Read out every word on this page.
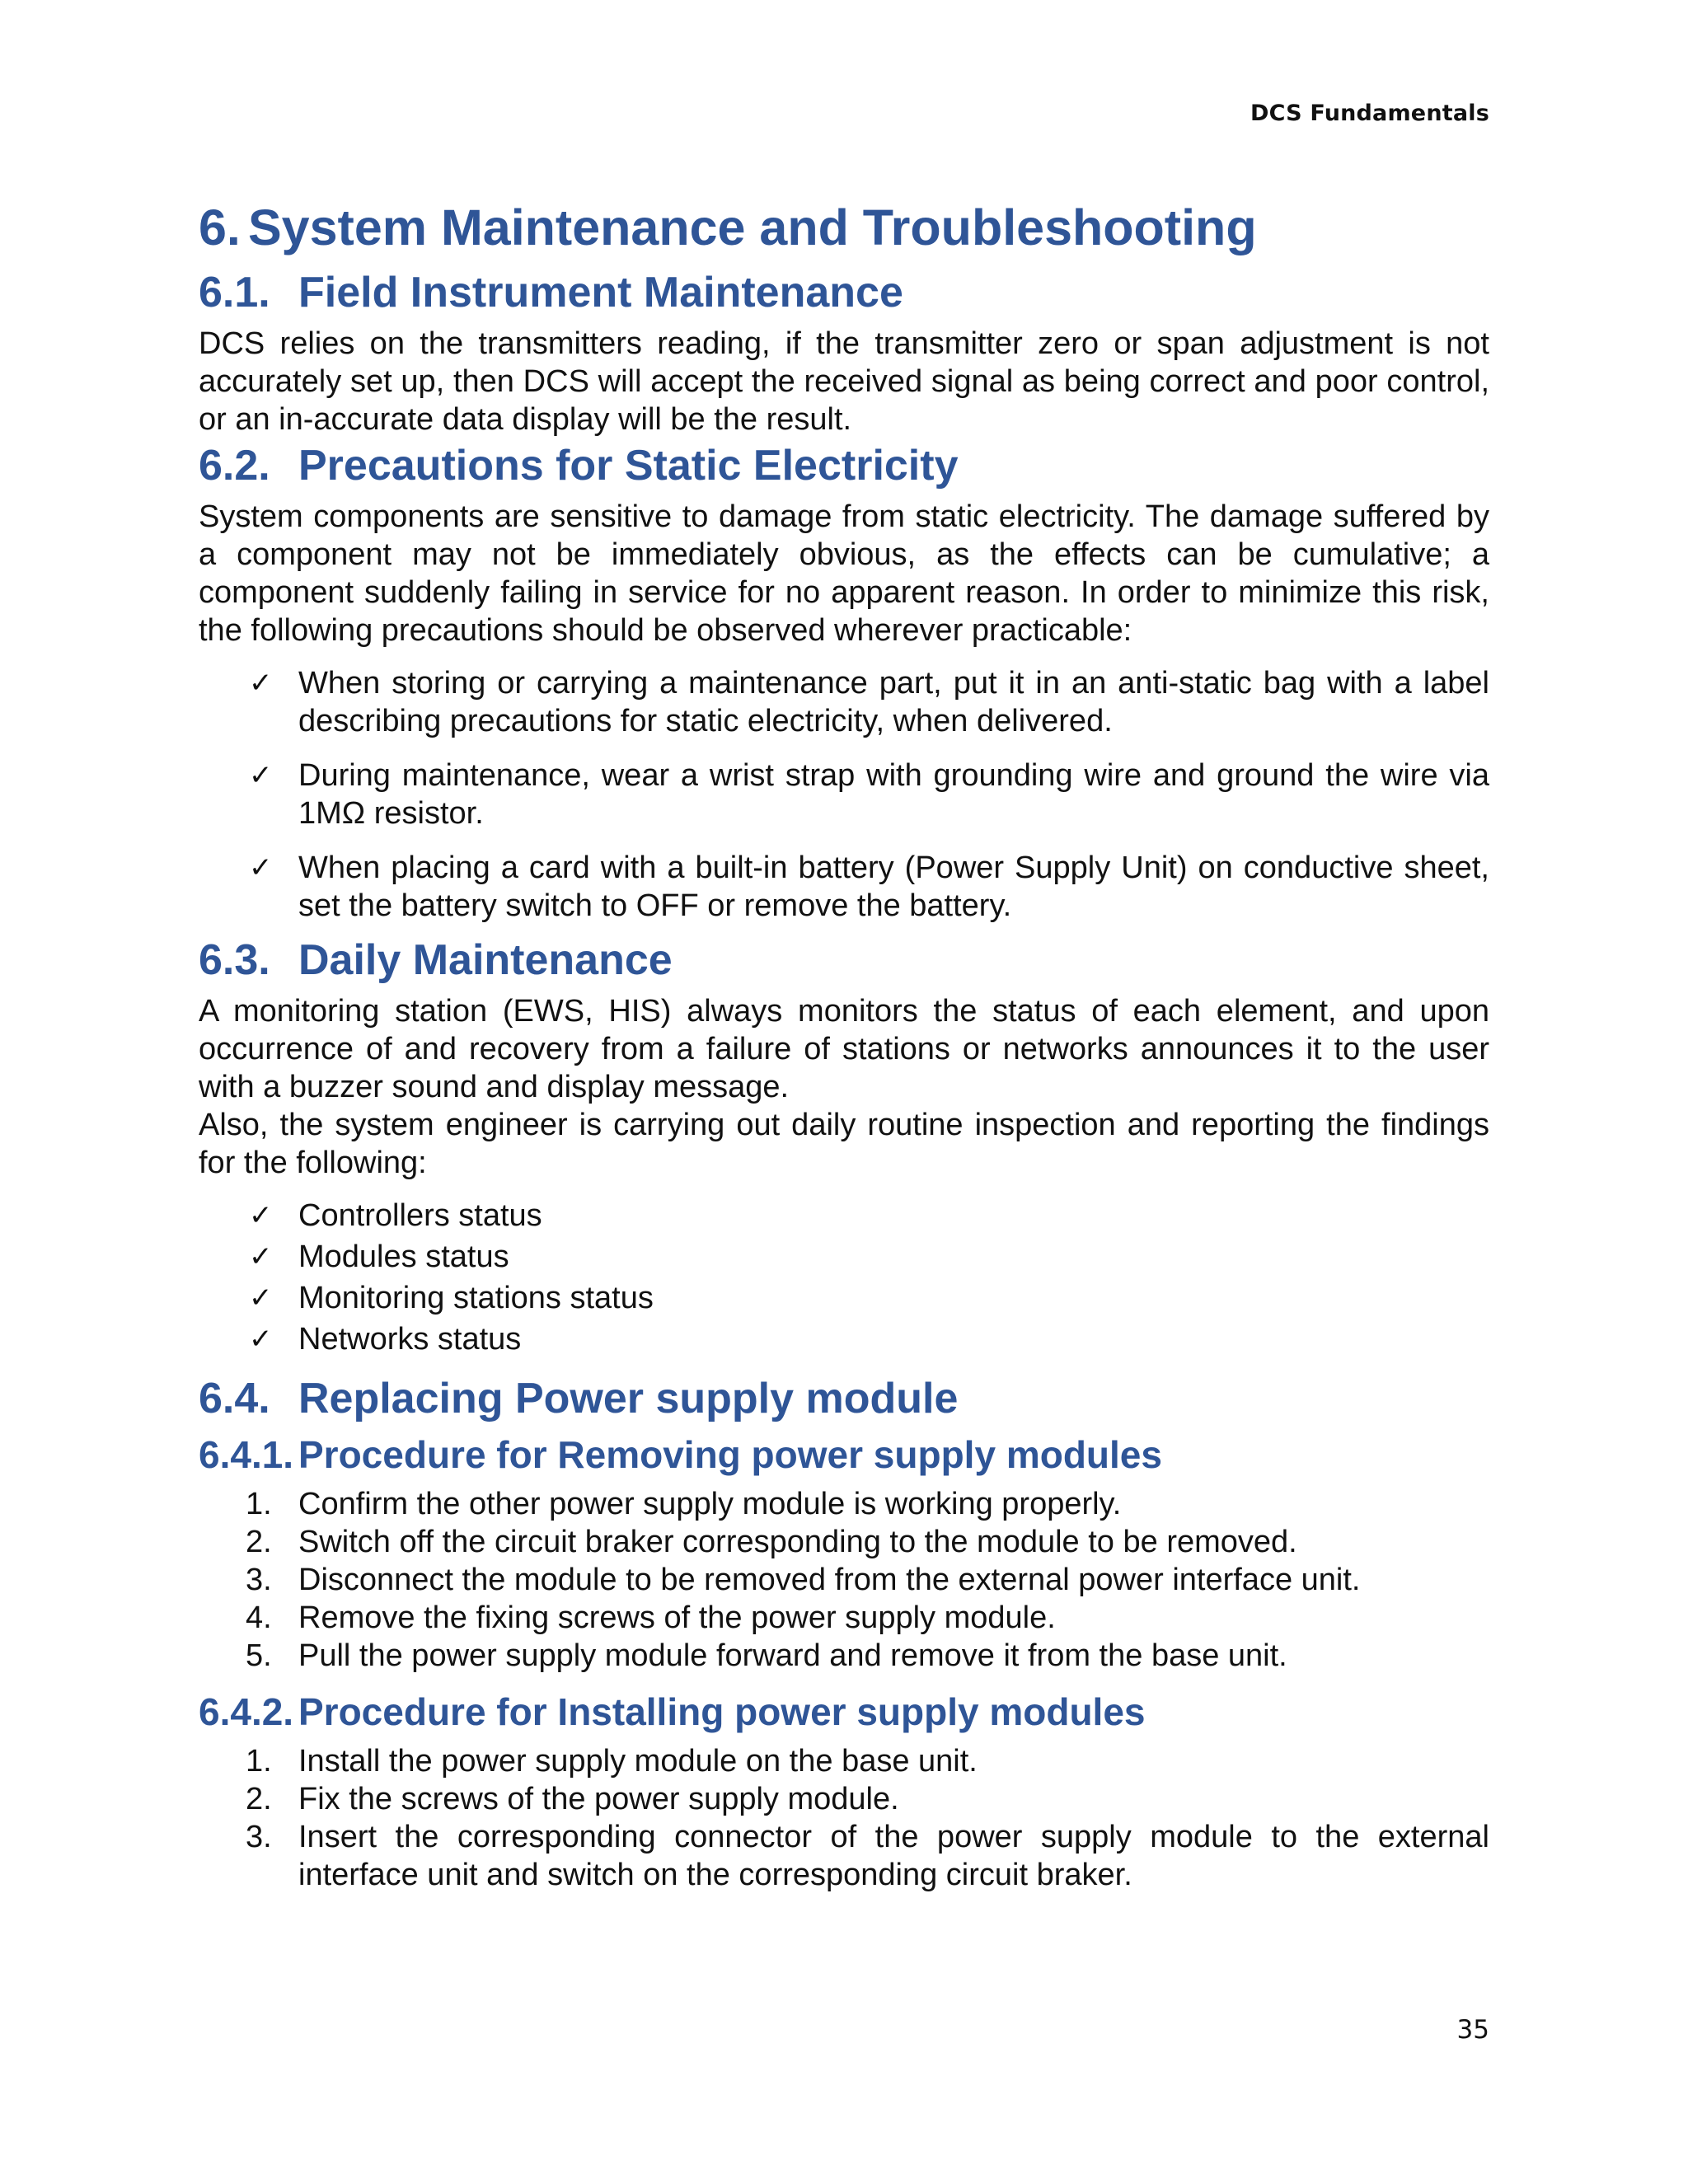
DCS Fundamentals
6. System Maintenance and Troubleshooting
6.1. Field Instrument Maintenance

DCS relies on the transmitters reading, if the transmitter zero or span adjustment is not accurately set up, then DCS will accept the received signal as being correct and poor control, or an in-accurate data display will be the result.

6.2. Precautions for Static Electricity

System components are sensitive to damage from static electricity. The damage suffered by a component may not be immediately obvious, as the effects can be cumulative; a component suddenly failing in service for no apparent reason. In order to minimize this risk, the following precautions should be observed wherever practicable:

✓ When storing or carrying a maintenance part, put it in an anti-static bag with a label describing precautions for static electricity, when delivered.
✓ During maintenance, wear a wrist strap with grounding wire and ground the wire via 1MΩ resistor.
✓ When placing a card with a built-in battery (Power Supply Unit) on conductive sheet, set the battery switch to OFF or remove the battery.
6.3. Daily Maintenance

A monitoring station (EWS, HIS) always monitors the status of each element, and upon occurrence of and recovery from a failure of stations or networks announces it to the user with a buzzer sound and display message.

Also, the system engineer is carrying out daily routine inspection and reporting the findings for the following:

✓ Controllers status
✓ Modules status
✓ Monitoring stations status
✓ Networks status
6.4. Replacing Power supply module
6.4.1. Procedure for Removing power supply modules
1. Confirm the other power supply module is working properly.
2. Switch off the circuit braker corresponding to the module to be removed.
3. Disconnect the module to be removed from the external power interface unit.
4. Remove the fixing screws of the power supply module.
5. Pull the power supply module forward and remove it from the base unit.
6.4.2. Procedure for Installing power supply modules
1. Install the power supply module on the base unit.
2. Fix the screws of the power supply module.
3. Insert the corresponding connector of the power supply module to the external interface unit and switch on the corresponding circuit braker.
35
